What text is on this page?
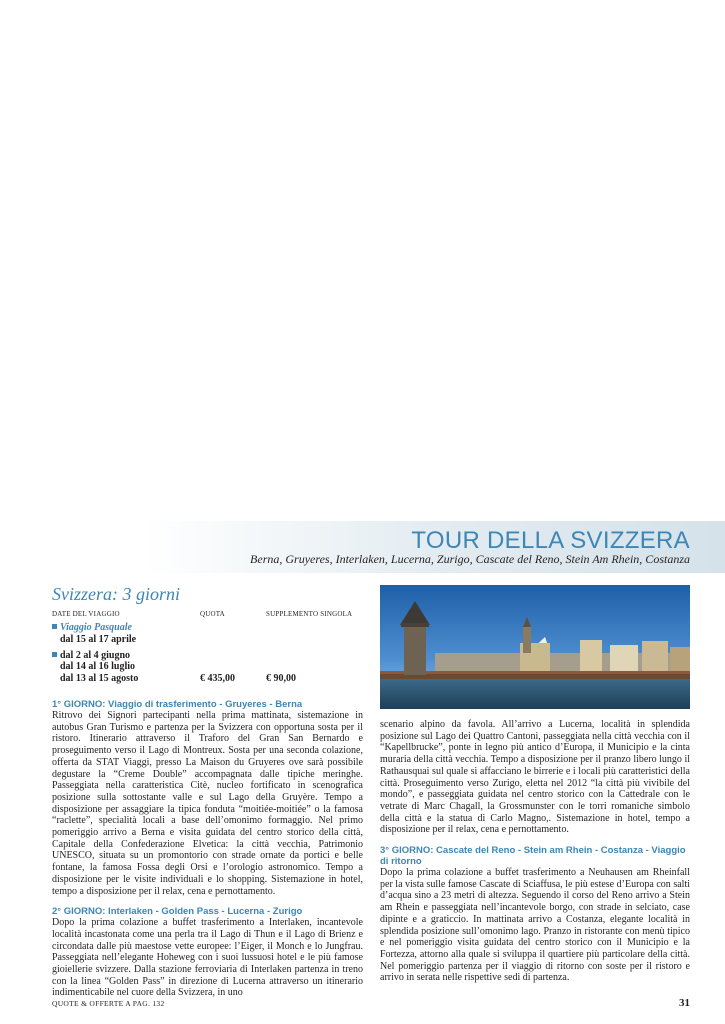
TOUR DELLA SVIZZERA

Berna, Gruyeres, Interlaken, Lucerna, Zurigo, Cascate del Reno, Stein Am Rhein, Costanza

Svizzera: 3 giorni
DATE DEL VIAGGIO	QUOTA	SUPPLEMENTO SINGOLA
Viaggio Pasquale
dal 15 al 17 aprile
dal 2 al 4 giugno
dal 14 al 16 luglio
dal 13 al 15 agosto	€ 435,00	€ 90,00

1° GIORNO: Viaggio di trasferimento - Gruyeres - Berna

Ritrovo dei Signori partecipanti nella prima mattinata, sistemazione in autobus Gran Turismo e partenza per la Svizzera con opportuna sosta per il ristoro. Itinerario attraverso il Traforo del Gran San Bernardo e proseguimento verso il Lago di Montreux. Sosta per una seconda colazione, offerta da STAT Viaggi, presso La Maison du Gruyeres ove sarà possibile degustare la “Creme Double” accompagnata dalle tipiche meringhe. Passeggiata nella caratteristica Citè, nucleo fortificato in scenografica posizione sulla sottostante valle e sul Lago della Gruyère. Tempo a disposizione per assaggiare la tipica fonduta “moitiée-moitiée” o la famosa “raclette”, specialità locali a base dell’omonimo formaggio. Nel primo pomeriggio arrivo a Berna e visita guidata del centro storico della città, Capitale della Confederazione Elvetica: la città vecchia, Patrimonio UNESCO, situata su un promontorio con strade ornate da portici e belle fontane, la famosa Fossa degli Orsi e l’orologio astronomico. Tempo a disposizione per le visite individuali e lo shopping. Sistemazione in hotel, tempo a disposizione per il relax, cena e pernottamento.

2° GIORNO: Interlaken - Golden Pass - Lucerna - Zurigo

Dopo la prima colazione a buffet trasferimento a Interlaken, incantevole località incastonata come una perla tra il Lago di Thun e il Lago di Brienz e circondata dalle più maestose vette europee: l’Eiger, il Monch e lo Jungfrau. Passeggiata nell’elegante Hoheweg con i suoi lussuosi hotel e le più famose gioiellerie svizzere. Dalla stazione ferroviaria di Interlaken partenza in treno con la linea “Golden Pass” in direzione di Lucerna attraverso un itinerario indimenticabile nel cuore della Svizzera, in uno

scenario alpino da favola. All’arrivo a Lucerna, località in splendida posizione sul Lago dei Quattro Cantoni, passeggiata nella città vecchia con il “Kapellbrucke”, ponte in legno più antico d’Europa, il Municipio e la cinta muraria della città vecchia. Tempo a disposizione per il pranzo libero lungo il Rathausquai sul quale si affacciano le birrerie e i locali più caratteristici della città. Proseguimento verso Zurigo, eletta nel 2012 “la città più vivibile del mondo”, e passeggiata guidata nel centro storico con la Cattedrale con le vetrate di Marc Chagall, la Grossmunster con le torri romaniche simbolo della città e la statua di Carlo Magno,. Sistemazione in hotel, tempo a disposizione per il relax, cena e pernottamento.

3° GIORNO: Cascate del Reno - Stein am Rhein - Costanza - Viaggio di ritorno

Dopo la prima colazione a buffet trasferimento a Neuhausen am Rheinfall per la vista sulle famose Cascate di Sciaffusa, le più estese d’Europa con salti d’acqua sino a 23 metri di altezza. Seguendo il corso del Reno arrivo a Stein am Rhein e passeggiata nell’incantevole borgo, con strade in selciato, case dipinte e a graticcio. In mattinata arrivo a Costanza, elegante località in splendida posizione sull’omonimo lago. Pranzo in ristorante con menù tipico e nel pomeriggio visita guidata del centro storico con il Municipio e la Fortezza, attorno alla quale si sviluppa il quartiere più particolare della città. Nel pomeriggio partenza per il viaggio di ritorno con soste per il ristoro e arrivo in serata nelle rispettive sedi di partenza.

QUOTE & OFFERTE A PAG. 132	31
